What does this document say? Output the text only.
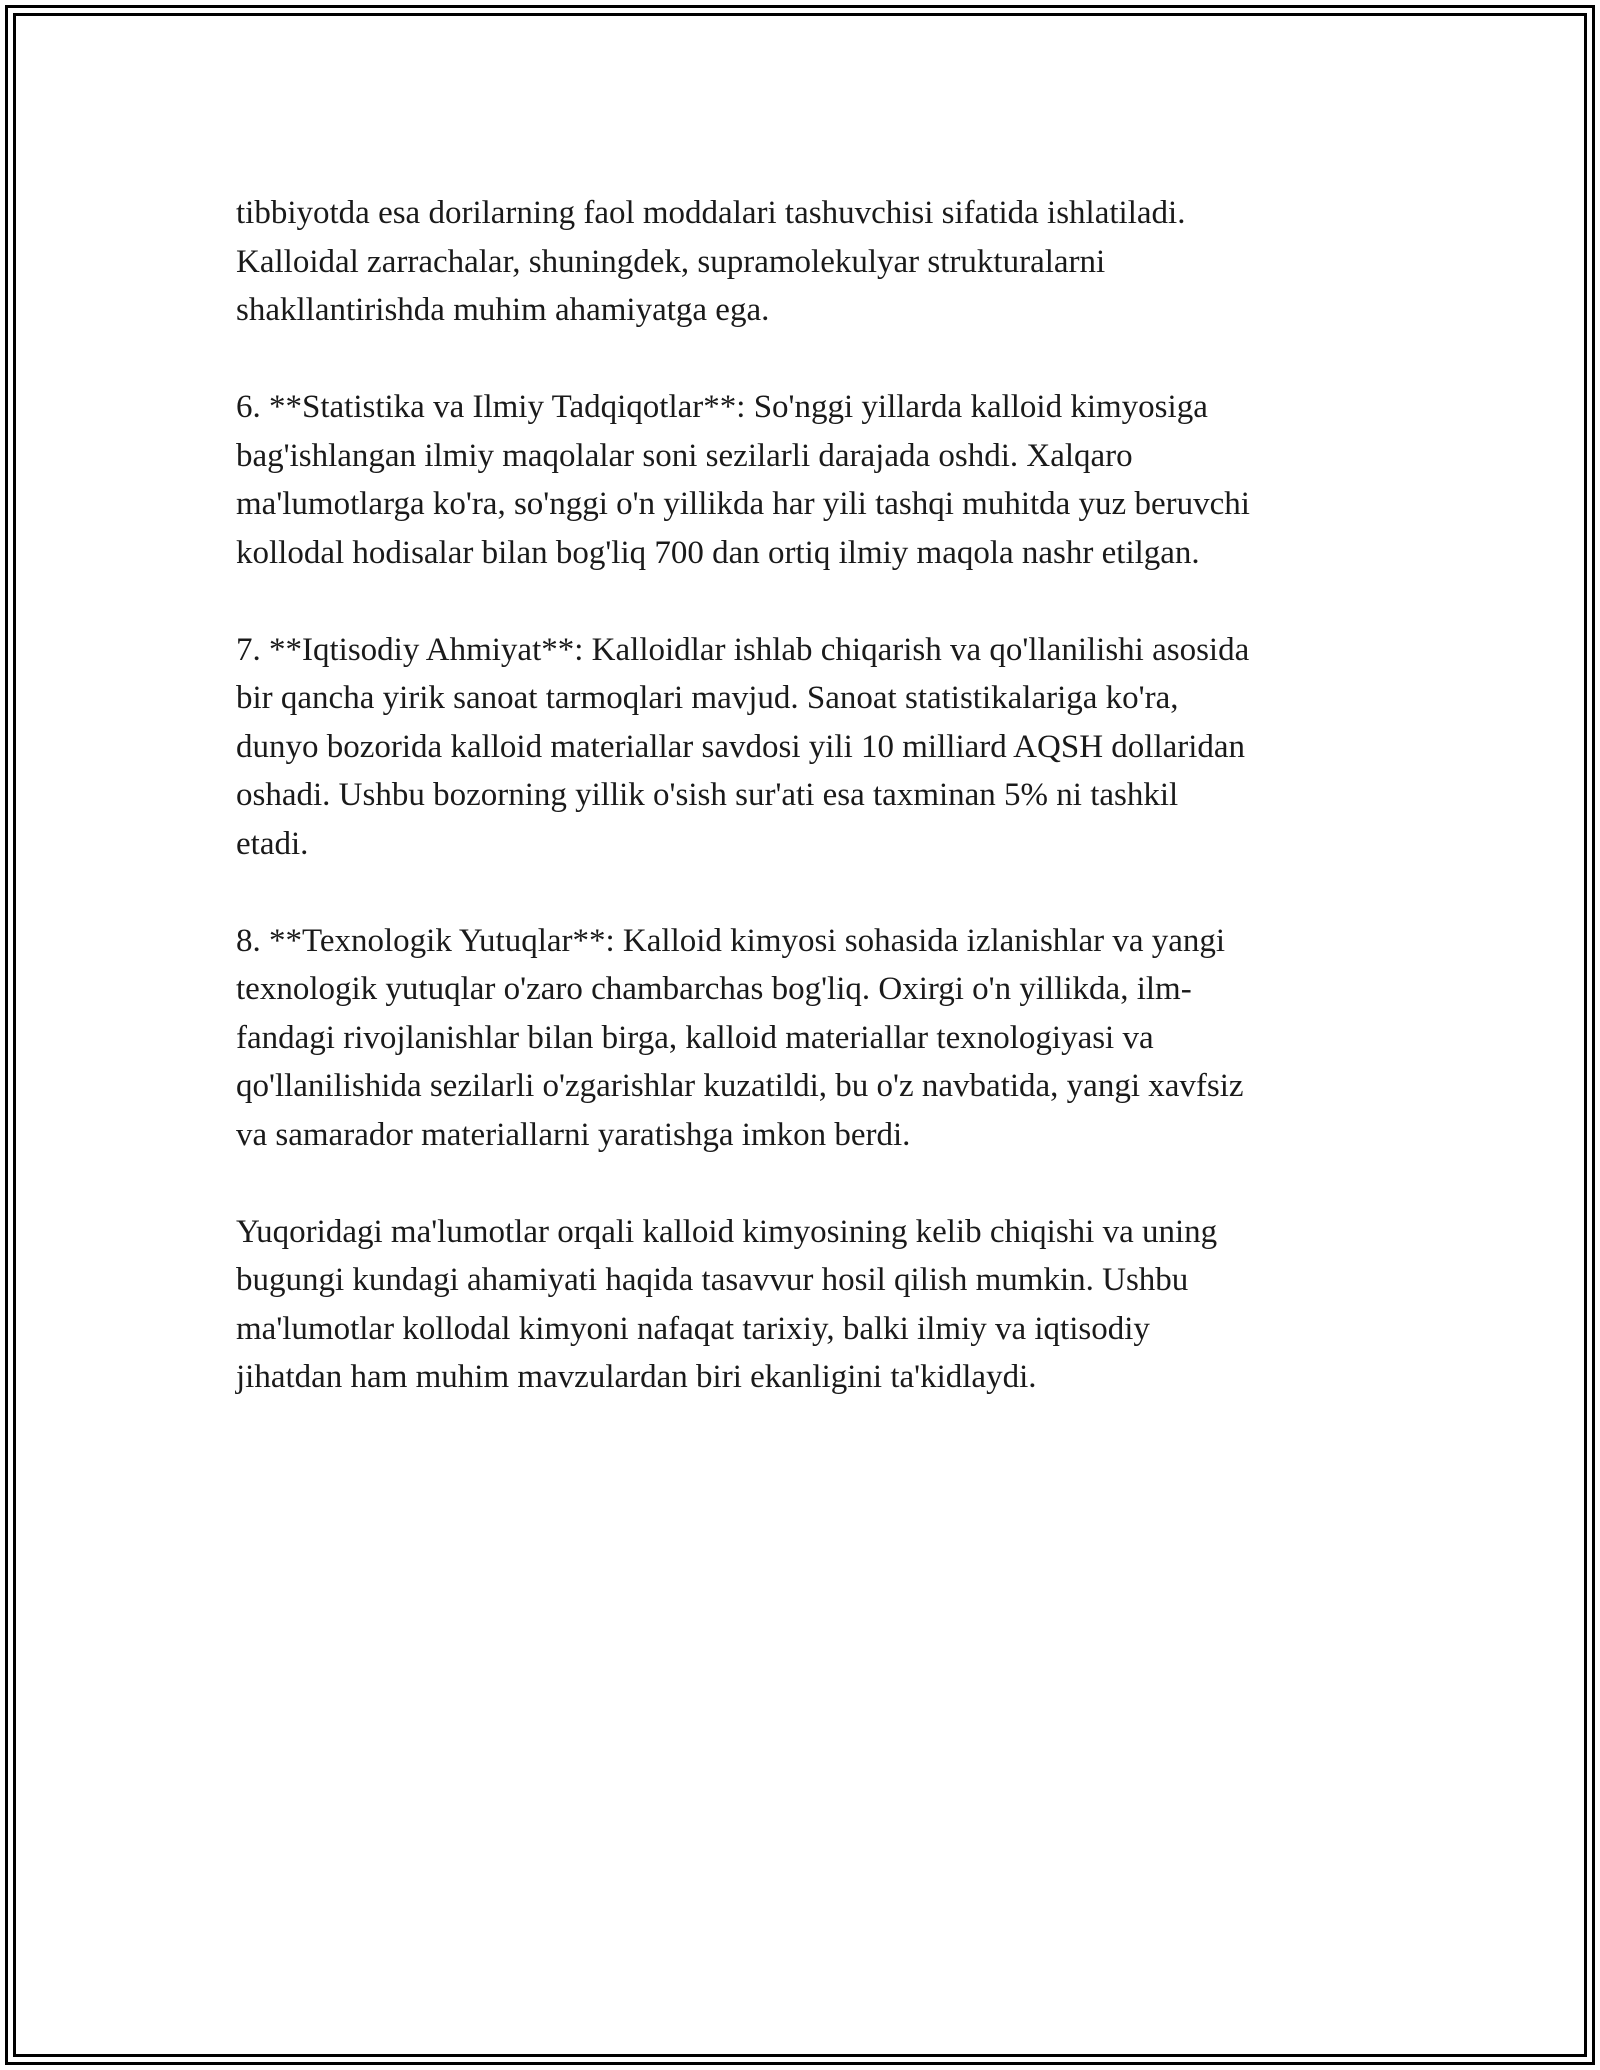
tibbiyotda esa dorilarning faol moddalari tashuvchisi sifatida ishlatiladi.
Kalloidal zarrachalar, shuningdek, supramolekulyar strukturalarni
shakllantirishda muhim ahamiyatga ega.

6. **Statistika va Ilmiy Tadqiqotlar**: So'nggi yillarda kalloid kimyosiga
bag'ishlangan ilmiy maqolalar soni sezilarli darajada oshdi. Xalqaro
ma'lumotlarga ko'ra, so'nggi o'n yillikda har yili tashqi muhitda yuz beruvchi
kollodal hodisalar bilan bog'liq 700 dan ortiq ilmiy maqola nashr etilgan.

7. **Iqtisodiy Ahmiyat**: Kalloidlar ishlab chiqarish va qo'llanilishi asosida
bir qancha yirik sanoat tarmoqlari mavjud. Sanoat statistikalariga ko'ra,
dunyo bozorida kalloid materiallar savdosi yili 10 milliard AQSH dollaridan
oshadi. Ushbu bozorning yillik o'sish sur'ati esa taxminan 5% ni tashkil
etadi.

8. **Texnologik Yutuqlar**: Kalloid kimyosi sohasida izlanishlar va yangi
texnologik yutuqlar o'zaro chambarchas bog'liq. Oxirgi o'n yillikda, ilm-
fandagi rivojlanishlar bilan birga, kalloid materiallar texnologiyasi va
qo'llanilishida sezilarli o'zgarishlar kuzatildi, bu o'z navbatida, yangi xavfsiz
va samarador materiallarni yaratishga imkon berdi.

Yuqoridagi ma'lumotlar orqali kalloid kimyosining kelib chiqishi va uning
bugungi kundagi ahamiyati haqida tasavvur hosil qilish mumkin. Ushbu
ma'lumotlar kollodal kimyoni nafaqat tarixiy, balki ilmiy va iqtisodiy
jihatdan ham muhim mavzulardan biri ekanligini ta'kidlaydi.
